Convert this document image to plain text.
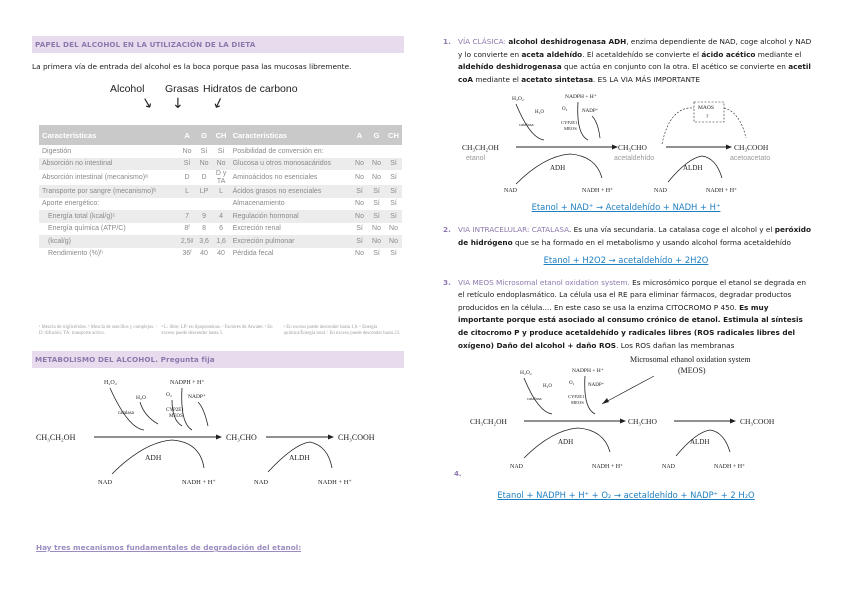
PAPEL DEL ALCOHOL EN LA UTILIZACIÓN DE LA DIETA

La primera vía de entrada del alcohol es la boca porque pasa las mucosas libremente.

Alcohol Grasas Hidratos de carbono
↓ ↓ ↓
Características	A	G	CH	Características	A	G	CH
Digestión	No	Sí	Sí	Posibilidad de conversión en:			
Absorción no intestinal	Sí	No	No	Glucosa u otros monosacáridos	No	No	Sí
Absorción intestinal (mecanismo)ᵃ	D	D	D y TA	Aminoácidos no esenciales	No	No	Sí
Transporte por sangre (mecanismo)ᵇ	L	LP	L	Ácidos grasos no esenciales	Sí	Sí	Sí
Aporte energético:				Almacenamiento	No	Sí	Sí
Energía total (kcal/g)ᶜ	7	9	4	Regulación hormonal	No	Sí	Sí
Energía química (ATP/C)	8ᶠ	8	6	Excreción renal	Sí	No	No
(kcal/g)	2,5ᵍ	3,6	1,6	Excreción pulmonar	Sí	No	No
Rendimiento (%)ʰ	36ᶠ	40	40	Pérdida fecal	No	Sí	Sí
ᵃ Mezcla de triglicéridos. ᵇ Mezcla de sencillos y complejos. ᶜ D: difusión; TA: transporte activo.
ᵈ L: libre; LP: en lipoproteínas. ᵉ Factores de Atwater. ᶠ En exceso puede descender hasta 5.
ᵍ En exceso puede descender hasta 1,6. ʰ Energía química/Energía total. ⁱ En exceso puede descender hasta 23.
METABOLISMO DEL ALCOHOL. Pregunta fija
H₂O₂	NADPH + H⁺
H₂O	O₂	NADP⁺
catalasa
CYP2E1
MEOS
CH₃CH₂OH	CH₃CHO	CH₃COOH
ADH	ALDH
NAD	NADH + H⁺	NAD	NADH + H⁺
Hay tres mecanismos fundamentales de degradación del etanol:
1. VÍA CLÁSICA: alcohol deshidrogenasa ADH, enzima dependiente de NAD, coge alcohol y NAD y lo convierte en aceta aldehído. El acetaldehído se convierte el ácido acético mediante el aldehído deshidrogenasa que actúa en conjunto con la otra. El acético se convierte en acetil coA mediante el acetato sintetasa. ES LA VIA MÁS IMPORTANTE
H₂O₂	NADPH + H⁺
H₂O
O₂	NADP⁺
catalasa	CYP2E1
MEOS
CH₃CH₂OH
etanol
CH₃CHO
acetaldehído
MAOS
?
CH₃COOH
acetoacetato
ADH	ALDH
NAD	NADH + H⁺	NAD	NADH + H⁺
Etanol + NAD⁺ → Acetaldehído + NADH + H⁺
2. VIA INTRACELULAR: CATALASA. Es una vía secundaria. La catalasa coge el alcohol y el peróxido de hidrógeno que se ha formado en el metabolismo y usando alcohol forma acetaldehído
Etanol + H2O2 → acetaldehído + 2H2O
3. VIA MEOS Microsomal etanol oxidation system. Es microsómico porque el etanol se degrada en el retículo endoplasmático. La célula usa el RE para eliminar fármacos, degradar productos producidos en la célula.... En este caso se usa la enzima CITOCROMO P 450. Es muy importante porque está asociado al consumo crónico de etanol. Estimula al síntesis de citocromo P y produce acetaldehído y radicales libres (ROS radicales libres del oxígeno) Daño del alcohol + daño ROS. Los ROS dañan las membranas
Microsomal ethanol oxidation system
(MEOS)
H₂O₂	NADPH + H⁺
H₂O
O₂	NADP⁺
catalasa	CYP2E1
MEOS
CH₃CH₂OH	CH₃CHO	CH₃COOH
ADH	ALDH
NAD	NADH + H⁺	NAD	NADH + H⁺
4.
Etanol + NADPH + H⁺ + O₂ → acetaldehído + NADP⁺ + 2 H₂O
